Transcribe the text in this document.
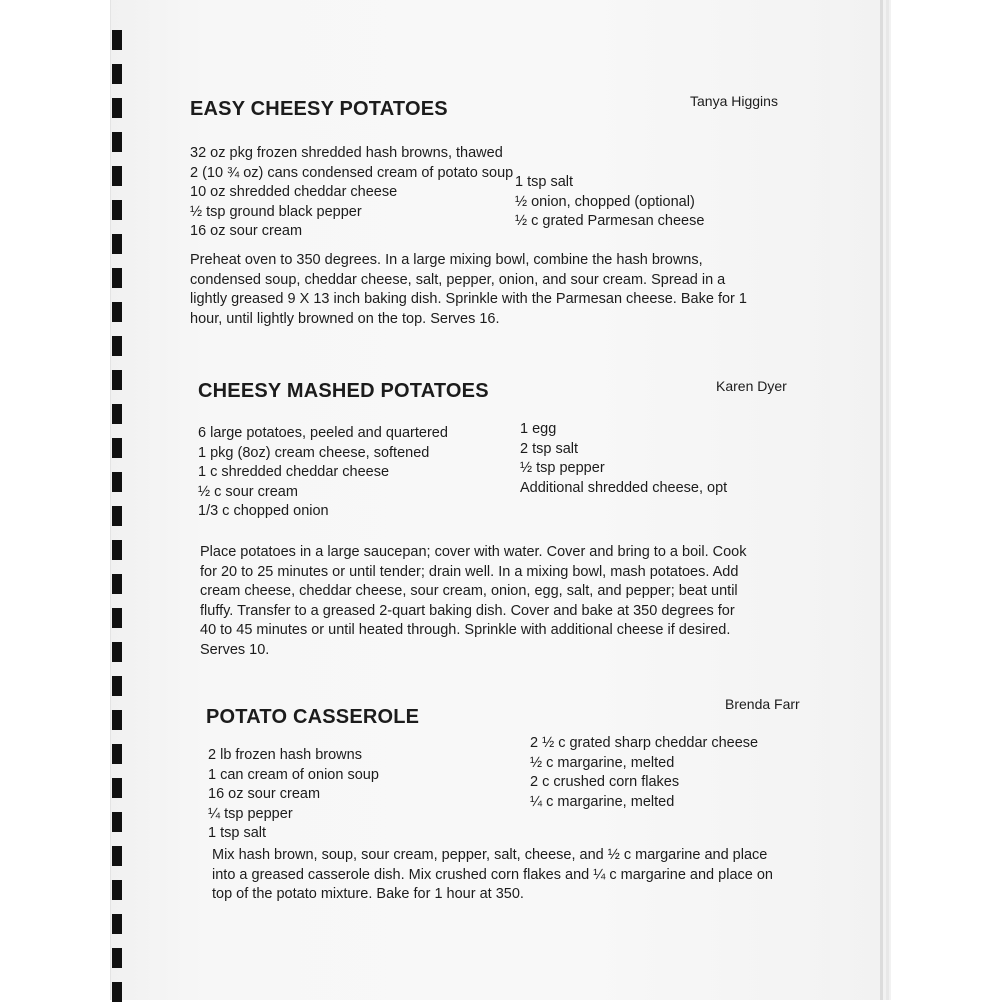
EASY CHEESY POTATOES	Tanya Higgins
32 oz pkg frozen shredded hash browns, thawed
2 (10 ¾ oz) cans condensed cream of potato soup
10 oz shredded cheddar cheese
½ tsp ground black pepper
16 oz sour cream
1 tsp salt
½ onion, chopped (optional)
½ c grated Parmesan cheese
Preheat oven to 350 degrees. In a large mixing bowl, combine the hash browns,
condensed soup, cheddar cheese, salt, pepper, onion, and sour cream. Spread in a
lightly greased 9 X 13 inch baking dish. Sprinkle with the Parmesan cheese. Bake for 1
hour, until lightly browned on the top. Serves 16.
CHEESY MASHED POTATOES	Karen Dyer
6 large potatoes, peeled and quartered
1 pkg (8oz) cream cheese, softened
1 c shredded cheddar cheese
½ c sour cream
1/3 c chopped onion
1 egg
2 tsp salt
½ tsp pepper
Additional shredded cheese, opt
Place potatoes in a large saucepan; cover with water. Cover and bring to a boil. Cook
for 20 to 25 minutes or until tender; drain well. In a mixing bowl, mash potatoes. Add
cream cheese, cheddar cheese, sour cream, onion, egg, salt, and pepper; beat until
fluffy. Transfer to a greased 2-quart baking dish. Cover and bake at 350 degrees for
40 to 45 minutes or until heated through. Sprinkle with additional cheese if desired.
Serves 10.
POTATO CASSEROLE
Brenda Farr
2 lb frozen hash browns
1 can cream of onion soup
16 oz sour cream
¼ tsp pepper
1 tsp salt
2 ½ c grated sharp cheddar cheese
½ c margarine, melted
2 c crushed corn flakes
¼ c margarine, melted
Mix hash brown, soup, sour cream, pepper, salt, cheese, and ½ c margarine and place
into a greased casserole dish. Mix crushed corn flakes and ¼ c margarine and place on
top of the potato mixture. Bake for 1 hour at 350.
